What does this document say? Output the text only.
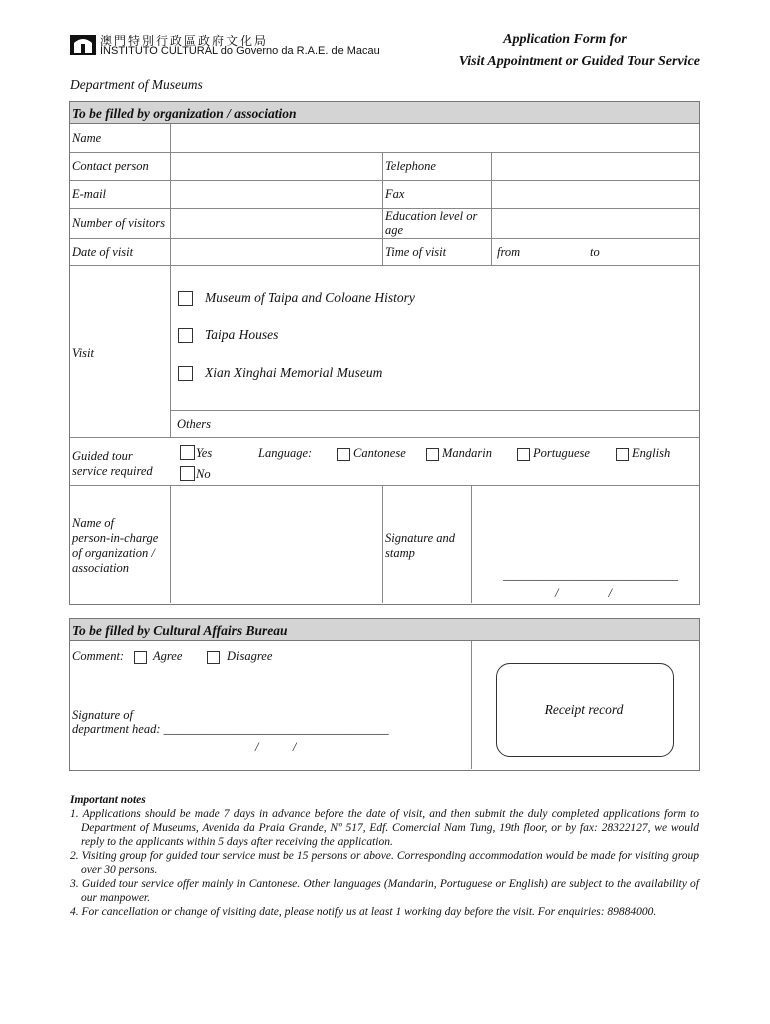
澳門特別行政區政府文化局
INSTITUTO CULTURAL do Governo da R.A.E. de Macau
Application Form for
Visit Appointment or Guided Tour Service
Department of Museums
To be filled by organization / association
Name
Contact person	Telephone
E-mail	Fax
Number of visitors	Education level or
age
Date of visit	Time of visit	from	to
Visit
Museum of Taipa and Coloane History
Taipa Houses
Xian Xinghai Memorial Museum
Others
Guided tour
service required
Yes
No
Language:	Cantonese	Mandarin	Portuguese	English
Name of
person-in-charge
of organization /
association
Signature and
stamp
____________________________
/                /
To be filled by Cultural Affairs Bureau
Comment: Agree	Disagree
Signature of
department head: ____________________________________
/           /
Receipt record

Important notes

1. Applications should be made 7 days in advance before the date of visit, and then submit the duly completed applications form to Department of Museums, Avenida da Praia Grande, Nº 517, Edf. Comercial Nam Tung, 19th floor, or by fax: 28322127, we would reply to the applicants within 5 days after receiving the application.

2. Visiting group for guided tour service must be 15 persons or above. Corresponding accommodation would be made for visiting group over 30 persons.

3. Guided tour service offer mainly in Cantonese. Other languages (Mandarin, Portuguese or English) are subject to the availability of our manpower.

4. For cancellation or change of visiting date, please notify us at least 1 working day before the visit. For enquiries: 89884000.
